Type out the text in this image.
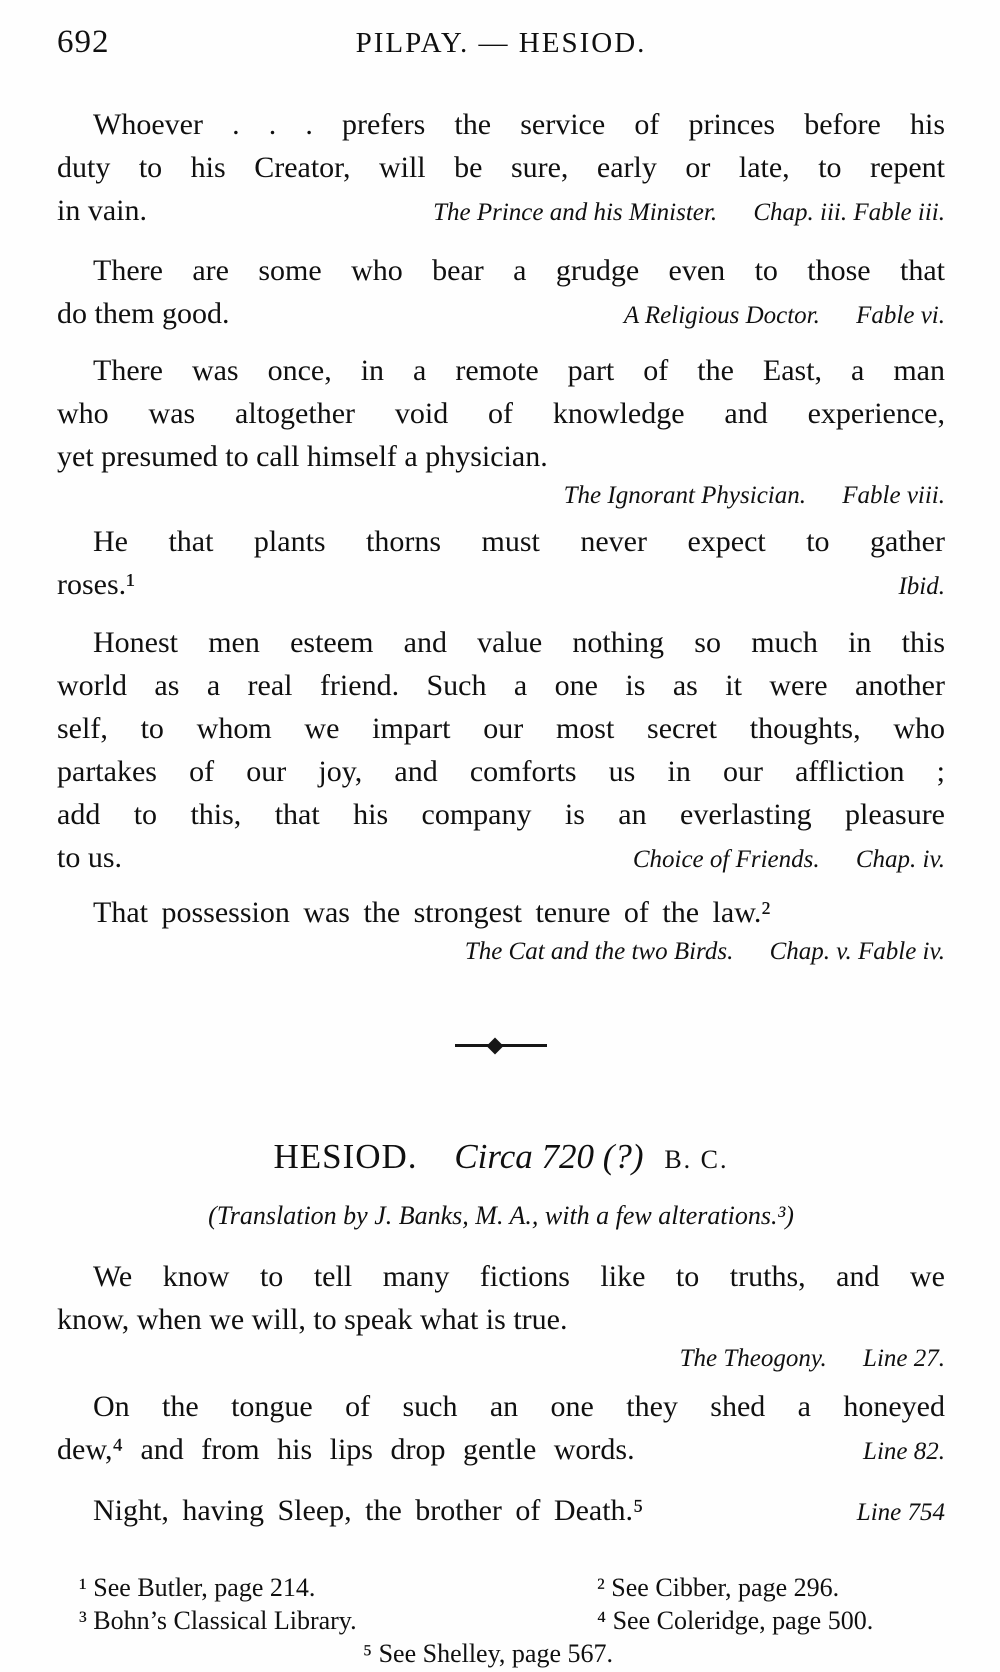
692	PILPAY. — HESIOD.
Whoever . . . prefers the service of princes before his
duty to his Creator, will be sure, early or late, to repent
in vain.	The Prince and his Minister. Chap. iii. Fable iii.
There are some who bear a grudge even to those that
do them good.	A Religious Doctor. Fable vi.
There was once, in a remote part of the East, a man
who was altogether void of knowledge and experience,
yet presumed to call himself a physician.
The Ignorant Physician. Fable viii.
He that plants thorns must never expect to gather
roses.¹	Ibid.
Honest men esteem and value nothing so much in this
world as a real friend. Such a one is as it were another
self, to whom we impart our most secret thoughts, who
partakes of our joy, and comforts us in our affliction ;
add to this, that his company is an everlasting pleasure
to us.	Choice of Friends. Chap. iv.
That possession was the strongest tenure of the law.²
The Cat and the two Birds. Chap. v. Fable iv.
HESIOD. Circa 720 (?) B. C.
(Translation by J. Banks, M. A., with a few alterations.³)
We know to tell many fictions like to truths, and we
know, when we will, to speak what is true.
The Theogony. Line 27.
On the tongue of such an one they shed a honeyed
dew,⁴ and from his lips drop gentle words.	Line 82.
Night, having Sleep, the brother of Death.⁵	Line 754
¹ See Butler, page 214.	² See Cibber, page 296.
³ Bohn’s Classical Library.	⁴ See Coleridge, page 500.
⁵ See Shelley, page 567.
